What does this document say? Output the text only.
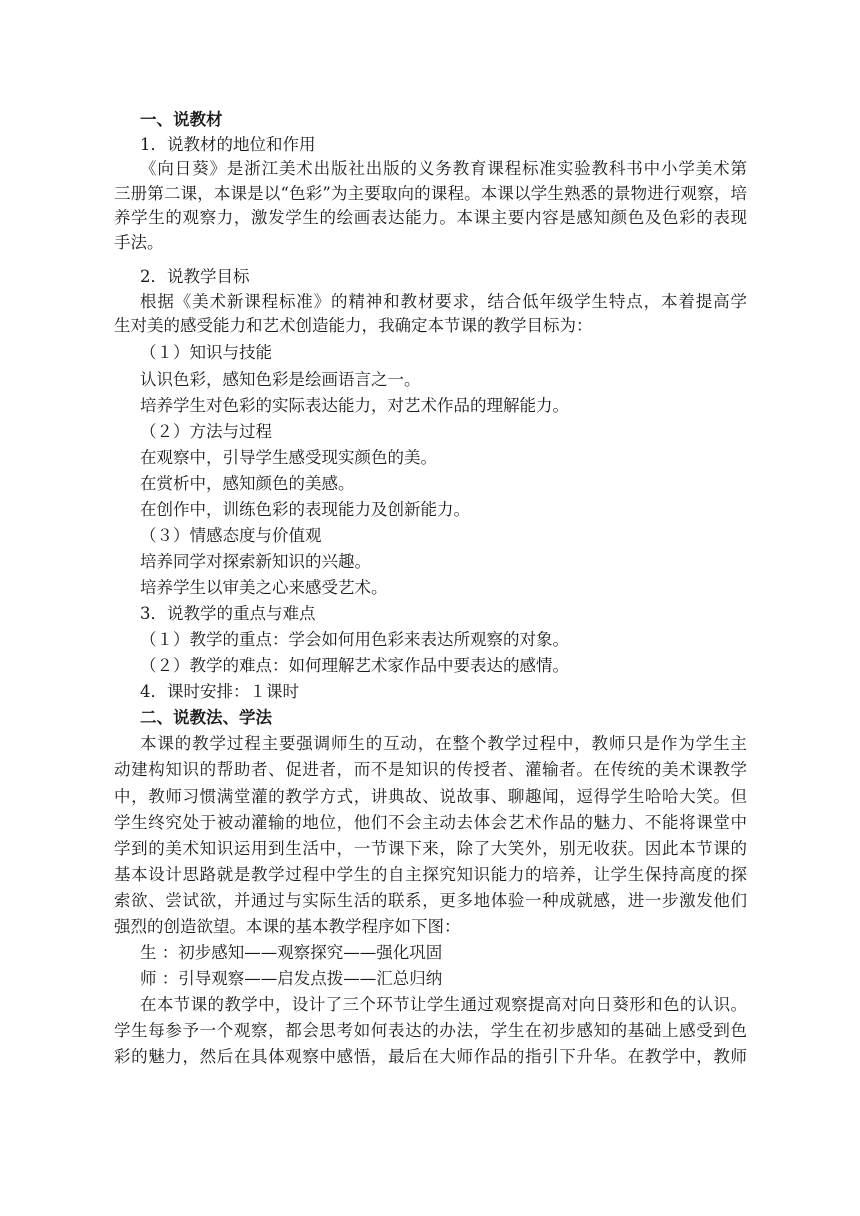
一、说教材
1．说教材的地位和作用
《向日葵》是浙江美术出版社出版的义务教育课程标准实验教科书中小学美术第
三册第二课，本课是以“色彩”为主要取向的课程。本课以学生熟悉的景物进行观察，培
养学生的观察力，激发学生的绘画表达能力。本课主要内容是感知颜色及色彩的表现
手法。
2．说教学目标
根据《美术新课程标准》的精神和教材要求，结合低年级学生特点，本着提高学
生对美的感受能力和艺术创造能力，我确定本节课的教学目标为：
（１）知识与技能
认识色彩，感知色彩是绘画语言之一。
培养学生对色彩的实际表达能力，对艺术作品的理解能力。
（２）方法与过程
在观察中，引导学生感受现实颜色的美。
在赏析中，感知颜色的美感。
在创作中，训练色彩的表现能力及创新能力。
（３）情感态度与价值观
培养同学对探索新知识的兴趣。
培养学生以审美之心来感受艺术。
3．说教学的重点与难点
（１）教学的重点：学会如何用色彩来表达所观察的对象。
（２）教学的难点：如何理解艺术家作品中要表达的感情。
4．课时安排：１课时
二、说教法、学法
本课的教学过程主要强调师生的互动，在整个教学过程中，教师只是作为学生主
动建构知识的帮助者、促进者，而不是知识的传授者、灌输者。在传统的美术课教学
中，教师习惯满堂灌的教学方式，讲典故、说故事、聊趣闻，逗得学生哈哈大笑。但
学生终究处于被动灌输的地位，他们不会主动去体会艺术作品的魅力、不能将课堂中
学到的美术知识运用到生活中，一节课下来，除了大笑外，别无收获。因此本节课的
基本设计思路就是教学过程中学生的自主探究知识能力的培养，让学生保持高度的探
索欲、尝试欲，并通过与实际生活的联系，更多地体验一种成就感，进一步激发他们
强烈的创造欲望。本课的基本教学程序如下图：
生 ：初步感知——观察探究——强化巩固
师 ：引导观察——启发点拨——汇总归纳
在本节课的教学中，设计了三个环节让学生通过观察提高对向日葵形和色的认识。
学生每参予一个观察，都会思考如何表达的办法，学生在初步感知的基础上感受到色
彩的魅力，然后在具体观察中感悟，最后在大师作品的指引下升华。在教学中，教师
